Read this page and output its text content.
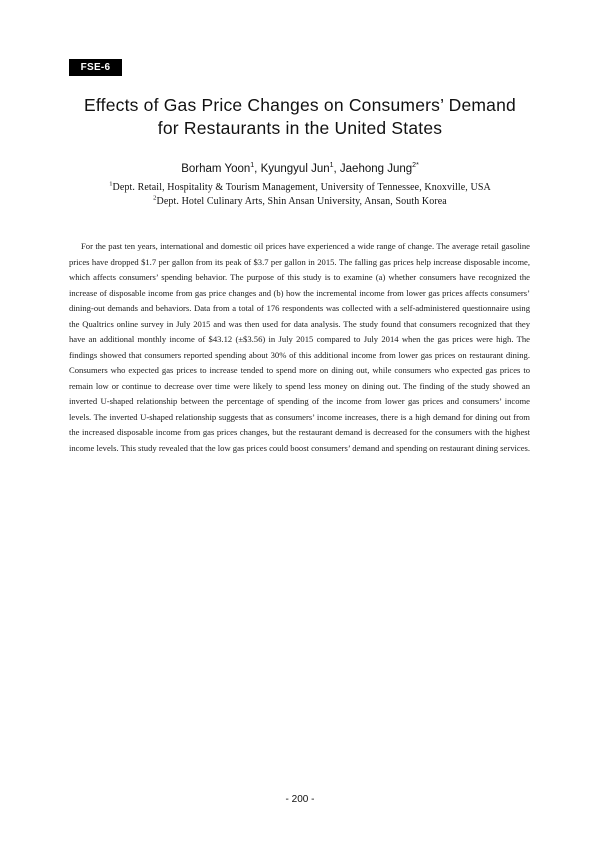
FSE-6
Effects of Gas Price Changes on Consumers’ Demand
for Restaurants in the United States
Borham Yoon$^1$, Kyungyul Jun$^1$, Jaehong Jung$^{2*}$
$^1$Dept. Retail, Hospitality & Tourism Management, University of Tennessee, Knoxville, USA
$^2$Dept. Hotel Culinary Arts, Shin Ansan University, Ansan, South Korea

For the past ten years, international and domestic oil prices have experienced a wide range of change. The average retail gasoline prices have dropped $1.7 per gallon from its peak of $3.7 per gallon in 2015. The falling gas prices help increase disposable income, which affects consumers’ spending behavior. The purpose of this study is to examine (a) whether consumers have recognized the increase of disposable income from gas price changes and (b) how the incremental income from lower gas prices affects consumers’ dining-out demands and behaviors. Data from a total of 176 respondents was collected with a self-administered questionnaire using the Qualtrics online survey in July 2015 and was then used for data analysis. The study found that consumers recognized that they have an additional monthly income of $43.12 (±$3.56) in July 2015 compared to July 2014 when the gas prices were high. The findings showed that consumers reported spending about 30% of this additional income from lower gas prices on restaurant dining. Consumers who expected gas prices to increase tended to spend more on dining out, while consumers who expected gas prices to remain low or continue to decrease over time were likely to spend less money on dining out. The finding of the study showed an inverted U-shaped relationship between the percentage of spending of the income from lower gas prices and consumers’ income levels. The inverted U-shaped relationship suggests that as consumers’ income increases, there is a high demand for dining out from the increased disposable income from gas prices changes, but the restaurant demand is decreased for the consumers with the highest income levels. This study revealed that the low gas prices could boost consumers’ demand and spending on restaurant dining services.

- 200 -
